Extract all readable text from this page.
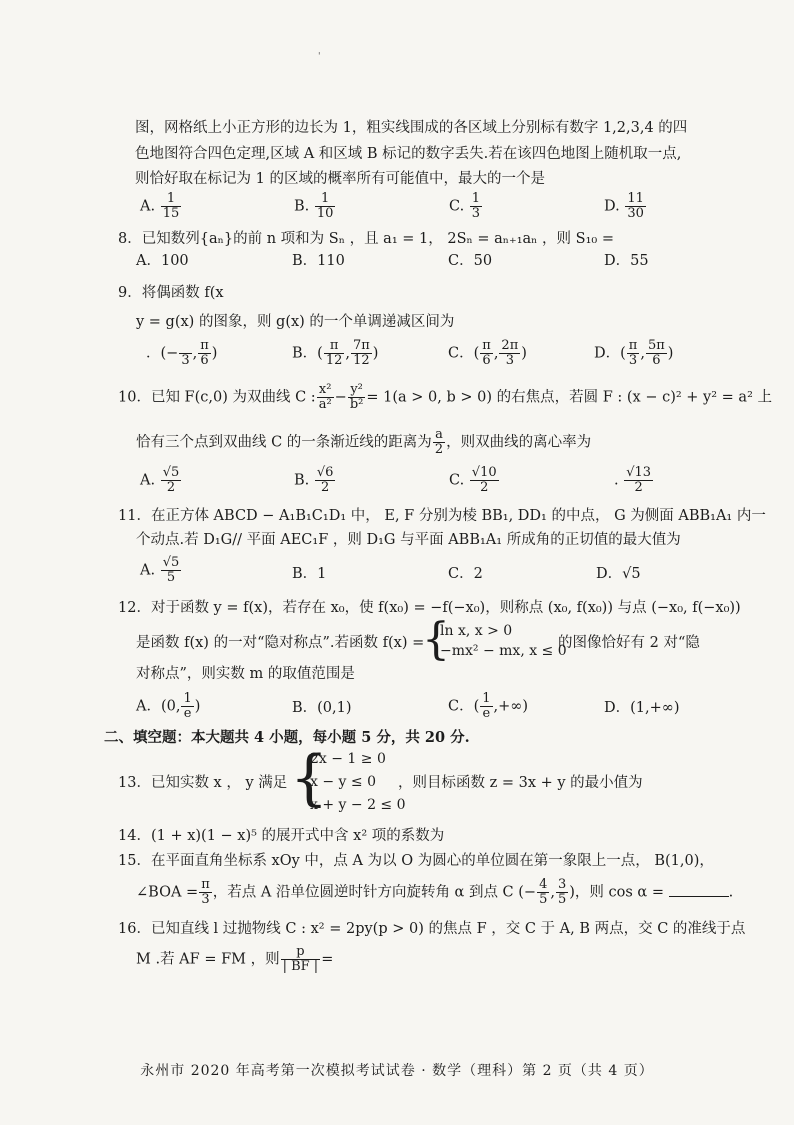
'
图，网格纸上小正方形的边长为 1，粗实线围成的各区域上分别标有数字 1,2,3,4 的四
色地图符合四色定理,区域 A 和区域 B 标记的数字丢失.若在该四色地图上随机取一点,
则恰好取在标记为 1 的区域的概率所有可能值中，最大的一个是
A. $\frac{1}{15}$	B. $\frac{1}{10}$	C. $\frac{1}{3}$	D. $\frac{11}{30}$
8．已知数列{aₙ}的前 n 项和为 Sₙ ，且 a₁ = 1， 2Sₙ = aₙ₊₁aₙ ，则 S₁₀ =
A．100	B．110	C．50	D．55
9．将偶函数 f(x
y = g(x) 的图象，则 g(x) 的一个单调递减区间为
．(−
3 , $\frac{\pi}{6}$ )	B．( $\frac{\pi}{12}$ , $\frac{7\pi}{12}$ )	C．( $\frac{\pi}{6}$ , $\frac{2\pi}{3}$ )	D．( $\frac{\pi}{3}$ , $\frac{5\pi}{6}$ )
10．已知 F(c,0) 为双曲线 C : $\frac{\text{x²}}{\text{a²}} - \frac{\text{y²}}{\text{b²}} = 1(a > 0$, b > 0) 的右焦点，若圆 F : (x − c)² + y² = a² 上
恰有三个点到双曲线 C 的一条渐近线的距离为 $\frac{a}{2}$ ，则双曲线的离心率为
A. $\frac{√5}{2}$	B. $\frac{√6}{2}$	C. $\frac{√10}{2}$	. $\frac{√13}{2}$
11．在正方体 ABCD − A₁B₁C₁D₁ 中， E, F 分别为棱 BB₁, DD₁ 的中点， G 为侧面 ABB₁A₁ 内一
个动点.若 D₁G// 平面 AEC₁F ，则 D₁G 与平面 ABB₁A₁ 所成角的正切值的最大值为
A. $\frac{√5}{5}$	B．1	C．2	D．√5
12．对于函数 y = f(x)，若存在 x₀，使 f(x₀) = −f(−x₀)，则称点 (x₀, f(x₀)) 与点 (−x₀, f(−x₀))
是函数 f(x) 的一对“隐对称点”.若函数 f(x) =
{
ln x, x > 0
−mx² − mx, x ≤ 0
的图像恰好有 2 对“隐
对称点”，则实数 m 的取值范围是
A．(0, $\frac{1}{e}$ )	B．(0,1)	C．( $\frac{1}{e}$ ,+∞)	D．(1,+∞)
二、填空题：本大题共 4 小题，每小题 5 分，共 20 分.
{
2x − 1 ≥ 0
x − y ≤ 0
x + y − 2 ≤ 0
13．已知实数 x ， y 满足	，则目标函数 z = 3x + y 的最小值为
14．(1 + x)(1 − x)⁵ 的展开式中含 x² 项的系数为
15．在平面直角坐标系 xOy 中，点 A 为以 O 为圆心的单位圆在第一象限上一点， B(1,0)，
∠BOA = $\frac{\pi}{3}$ ，若点 A 沿单位圆逆时针方向旋转角 α 到点 C (− $\frac{4}{5}$ , $\frac{3}{5}$ )，则 cos α =	.
16．已知直线 l 过抛物线 C : x² = 2py(p > 0) 的焦点 F ，交 C 于 A, B 两点，交 C 的准线于点
M .若 AF = FM ，则 $\frac{p}{| BF |}$ =
永州市 2020 年高考第一次模拟考试试卷 · 数学（理科）第 2 页（共 4 页）
